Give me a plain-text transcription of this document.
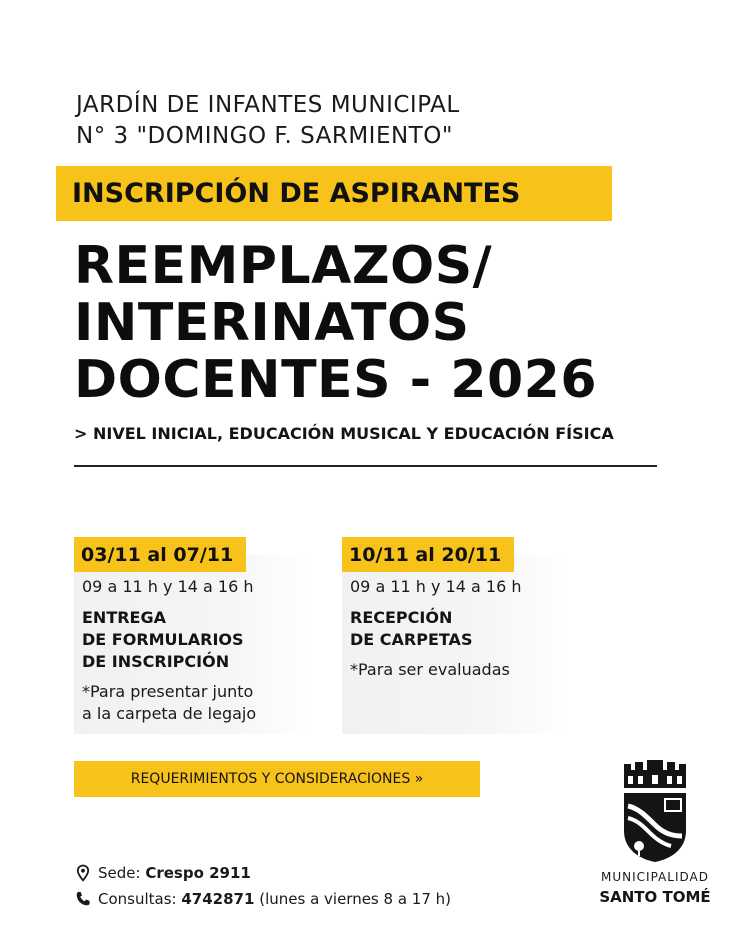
JARDÍN DE INFANTES MUNICIPAL
N° 3 "DOMINGO F. SARMIENTO"
INSCRIPCIÓN DE ASPIRANTES
REEMPLAZOS/
INTERINATOS
DOCENTES - 2026
> NIVEL INICIAL, EDUCACIÓN MUSICAL Y EDUCACIÓN FÍSICA
09 a 11 h y 14 a 16 h
ENTREGA
DE FORMULARIOS
DE INSCRIPCIÓN
*Para presentar junto
a la carpeta de legajo
03/11 al 07/11
09 a 11 h y 14 a 16 h
RECEPCIÓN
DE CARPETAS
*Para ser evaluadas
10/11 al 20/11
REQUERIMIENTOS Y CONSIDERACIONES »
Sede:
Crespo 2911
Consultas:
4742871
(lunes a viernes 8 a 17 h)
MUNICIPALIDAD
SANTO TOMÉ
